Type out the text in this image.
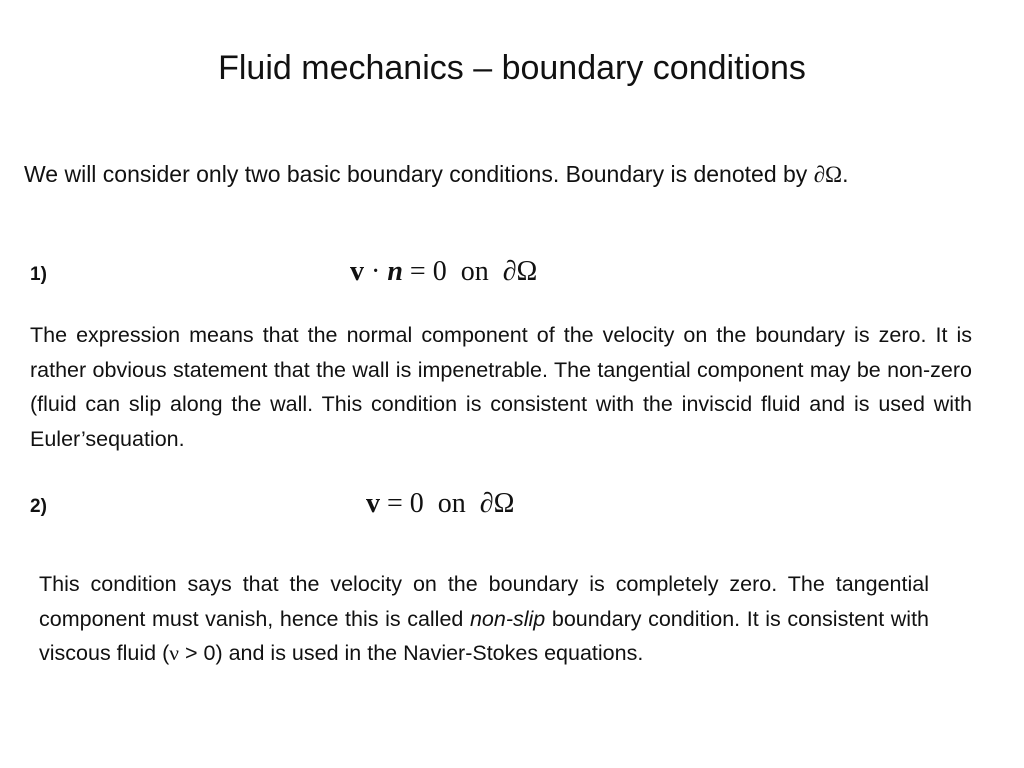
Fluid mechanics – boundary conditions
We will consider only two basic boundary conditions. Boundary is denoted by ∂Ω.
1)	v · n = 0  on  ∂Ω
The expression means that the normal component of the velocity on the boundary is zero. It is rather obvious statement that the wall is impenetrable. The tangential component may be non-zero (fluid can slip along the wall. This condition is consistent with the inviscid fluid and is used with Euler’sequation.
2)	v = 0  on  ∂Ω
This condition says that the velocity on the boundary is completely zero. The tangential component must vanish, hence this is called non-slip boundary condition. It is consistent with viscous fluid (ν > 0) and is used in the Navier-Stokes equations.
